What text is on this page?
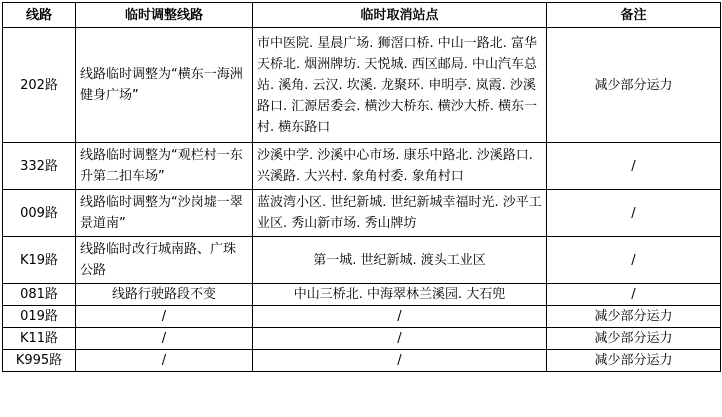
线路	临时调整线路	临时取消站点	备注
202路	线路临时调整为“横东一海洲健身广场”	市中医院. 星晨广场. 狮滘口桥. 中山一路北. 富华天桥北. 烟洲牌坊. 天悦城. 西区邮局. 中山汽车总站. 溪角. 云汉. 坎溪. 龙聚环. 申明亭. 岚霞. 沙溪路口. 汇源居委会. 横沙大桥东. 横沙大桥. 横东一村. 横东路口	减少部分运力
332路	线路临时调整为“观栏村一东升第二扣车场”	沙溪中学. 沙溪中心市场. 康乐中路北. 沙溪路口. 兴溪路. 大兴村. 象角村委. 象角村口	/
009路	线路临时调整为“沙岗墟一翠景道南”	蓝波湾小区. 世纪新城. 世纪新城幸福时光. 沙平工业区. 秀山新市场. 秀山牌坊	/
K19路	线路临时改行城南路、广珠公路	第一城. 世纪新城. 渡头工业区	/
081路	线路行驶路段不变	中山三桥北. 中海翠林兰溪园. 大石兜	/
019路	/	/	减少部分运力
K11路	/	/	减少部分运力
K995路	/	/	减少部分运力
